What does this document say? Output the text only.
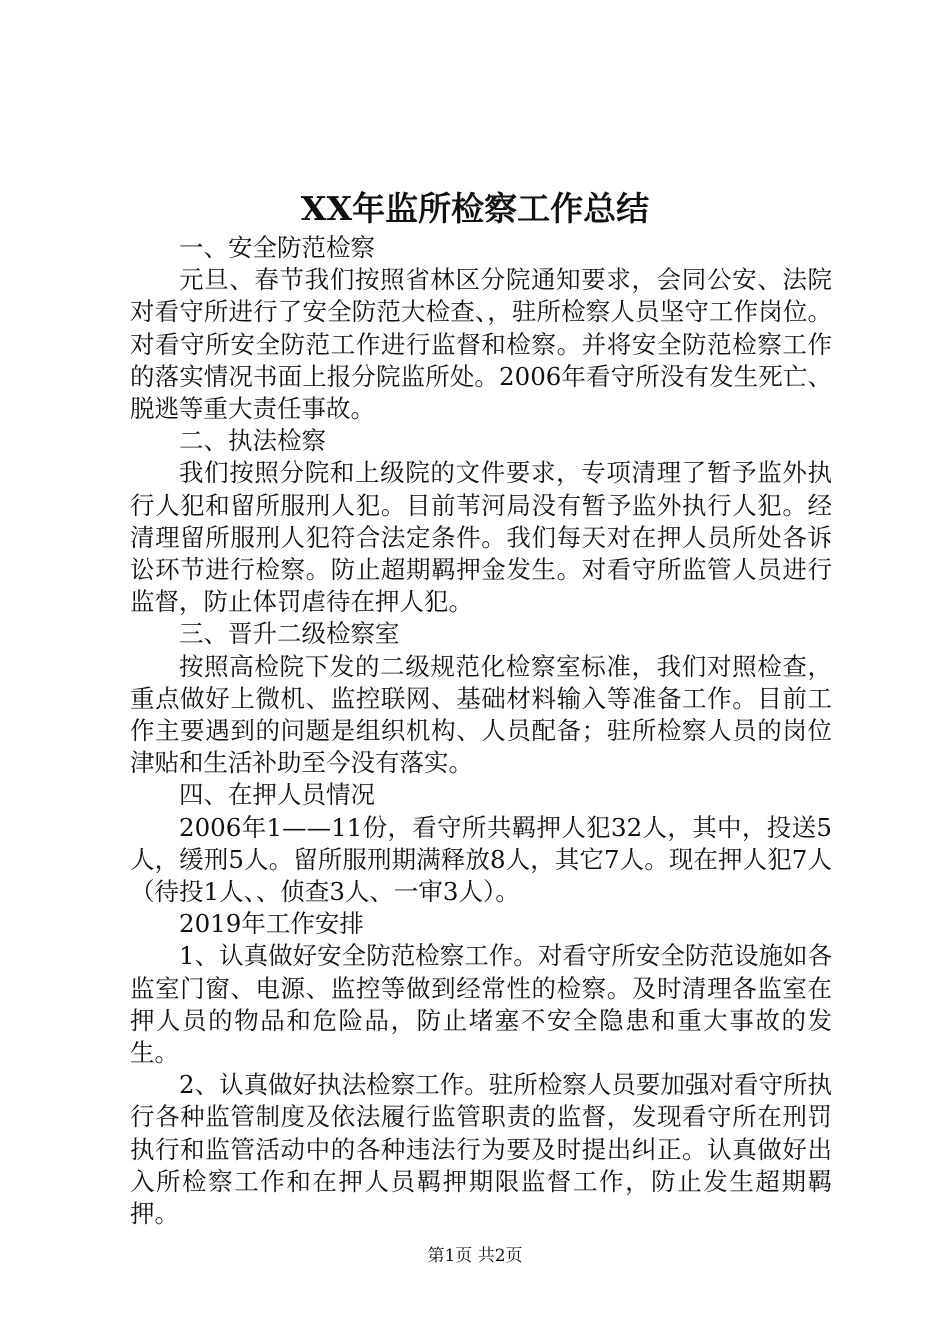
XX年监所检察工作总结

一、安全防范检察

元旦、春节我们按照省林区分院通知要求，会同公安、法院对看守所进行了安全防范大检查、，驻所检察人员坚守工作岗位。对看守所安全防范工作进行监督和检察。并将安全防范检察工作的落实情况书面上报分院监所处。2006年看守所没有发生死亡、脱逃等重大责任事故。

二、执法检察

我们按照分院和上级院的文件要求，专项清理了暂予监外执行人犯和留所服刑人犯。目前苇河局没有暂予监外执行人犯。经清理留所服刑人犯符合法定条件。我们每天对在押人员所处各诉讼环节进行检察。防止超期羁押金发生。对看守所监管人员进行监督，防止体罚虐待在押人犯。

三、晋升二级检察室

按照高检院下发的二级规范化检察室标准，我们对照检查，重点做好上微机、监控联网、基础材料输入等准备工作。目前工作主要遇到的问题是组织机构、人员配备；驻所检察人员的岗位津贴和生活补助至今没有落实。

四、在押人员情况

2006年1——11份，看守所共羁押人犯32人，其中，投送5人，缓刑5人。留所服刑期满释放8人，其它7人。现在押人犯7人（待投1人、、侦查3人、一审3人）。

2019年工作安排

1、认真做好安全防范检察工作。对看守所安全防范设施如各监室门窗、电源、监控等做到经常性的检察。及时清理各监室在押人员的物品和危险品，防止堵塞不安全隐患和重大事故的发生。

2、认真做好执法检察工作。驻所检察人员要加强对看守所执行各种监管制度及依法履行监管职责的监督，发现看守所在刑罚执行和监管活动中的各种违法行为要及时提出纠正。认真做好出入所检察工作和在押人员羁押期限监督工作，防止发生超期羁押。

第1页 共2页
